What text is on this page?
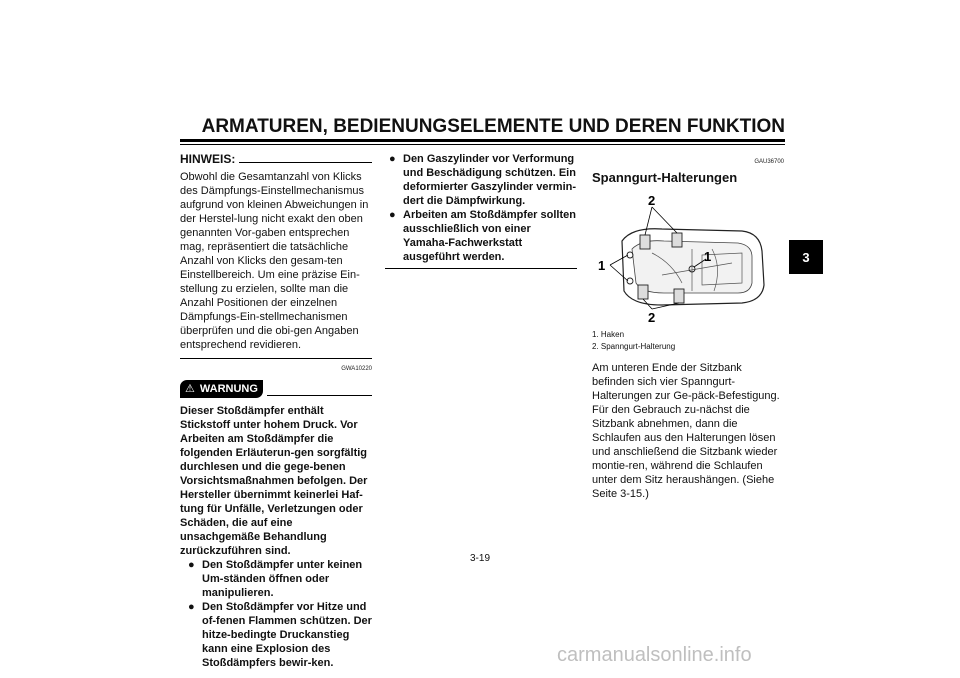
ARMATUREN, BEDIENUNGSELEMENTE UND DEREN FUNKTION
3
HINWEIS:
Obwohl die Gesamtanzahl von Klicks des Dämpfungs-Einstellmechanismus aufgrund von kleinen Abweichungen in der Herstel-lung nicht exakt den oben genannten Vor-gaben entsprechen mag, repräsentiert die tatsächliche Anzahl von Klicks den gesam-ten Einstellbereich. Um eine präzise Ein-stellung zu erzielen, sollte man die Anzahl Positionen der einzelnen Dämpfungs-Ein-stellmechanismen überprüfen und die obi-gen Angaben entsprechend revidieren.
GWA10220
⚠ WARNUNG
Dieser Stoßdämpfer enthält Stickstoff unter hohem Druck. Vor Arbeiten am Stoßdämpfer die folgenden Erläuterun-gen sorgfältig durchlesen und die gege-benen Vorsichtsmaßnahmen befolgen. Der Hersteller übernimmt keinerlei Haf-tung für Unfälle, Verletzungen oder Schäden, die auf eine unsachgemäße Behandlung zurückzuführen sind.
● Den Stoßdämpfer unter keinen Um-ständen öffnen oder manipulieren.
● Den Stoßdämpfer vor Hitze und of-fenen Flammen schützen. Der hitze-bedingte Druckanstieg kann eine Explosion des Stoßdämpfers bewir-ken.
● Den Gaszylinder vor Verformung und Beschädigung schützen. Ein deformierter Gaszylinder vermin-dert die Dämpfwirkung.
● Arbeiten am Stoßdämpfer sollten ausschließlich von einer Yamaha-Fachwerkstatt ausgeführt werden.
GAU36700
Spanngurt-Halterungen
2
2
1
1
1. Haken
2. Spanngurt-Halterung
Am unteren Ende der Sitzbank befinden sich vier Spanngurt-Halterungen zur Ge-päck-Befestigung. Für den Gebrauch zu-nächst die Sitzbank abnehmen, dann die Schlaufen aus den Halterungen lösen und anschließend die Sitzbank wieder montie-ren, während die Schlaufen unter dem Sitz heraushängen. (Siehe Seite 3-15.)
3-19
carmanualsonline.info
